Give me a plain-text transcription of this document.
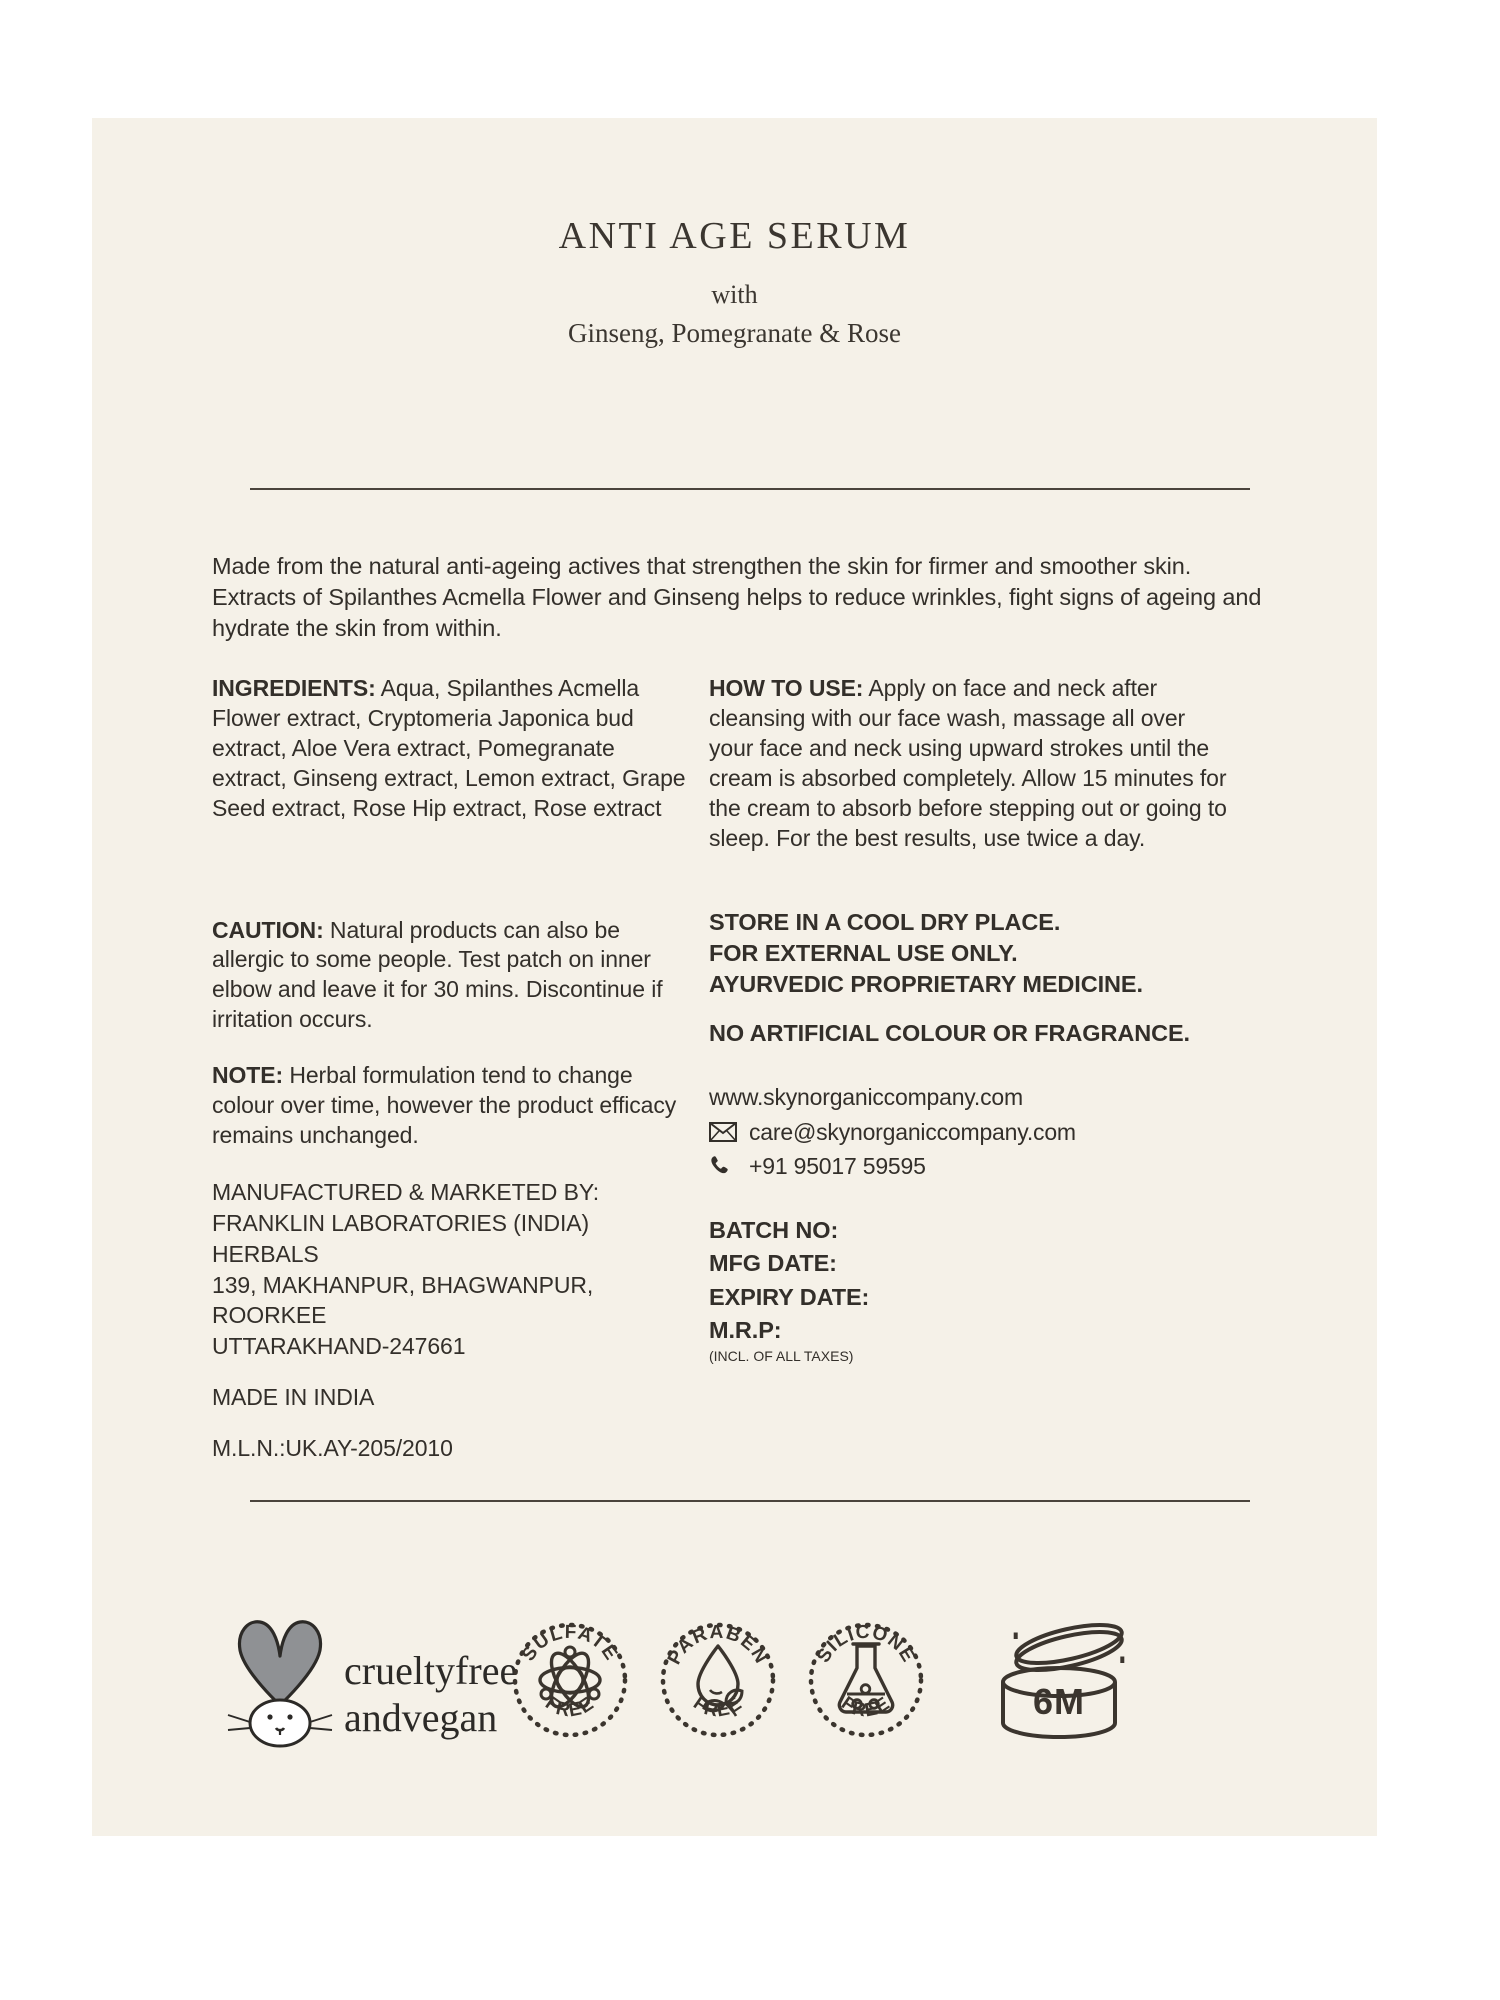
ANTI AGE SERUM

with

Ginseng, Pomegranate & Rose

Made from the natural anti-ageing actives that strengthen the skin for firmer and smoother skin. Extracts of Spilanthes Acmella Flower and Ginseng helps to reduce wrinkles, fight signs of ageing and hydrate the skin from within.

INGREDIENTS: Aqua, Spilanthes Acmella Flower extract, Cryptomeria Japonica bud extract, Aloe Vera extract, Pomegranate extract, Ginseng extract, Lemon extract, Grape Seed extract, Rose Hip extract, Rose extract

CAUTION: Natural products can also be allergic to some people. Test patch on inner elbow and leave it for 30 mins. Discontinue if irritation occurs.

NOTE: Herbal formulation tend to change colour over time, however the product efficacy remains unchanged.

MANUFACTURED & MARKETED BY:
FRANKLIN LABORATORIES (INDIA) HERBALS
139, MAKHANPUR, BHAGWANPUR, ROORKEE
UTTARAKHAND-247661
MADE IN INDIA
M.L.N.:UK.AY-205/2010

HOW TO USE: Apply on face and neck after cleansing with our face wash, massage all over your face and neck using upward strokes until the cream is absorbed completely. Allow 15 minutes for the cream to absorb before stepping out or going to sleep. For the best results, use twice a day.

STORE IN A COOL DRY PLACE.
FOR EXTERNAL USE ONLY.
AYURVEDIC PROPRIETARY MEDICINE.
NO ARTIFICIAL COLOUR OR FRAGRANCE.
www.skynorganiccompany.com
care@skynorganiccompany.com
+91 95017 59595
BATCH NO:
MFG DATE:
EXPIRY DATE:
M.R.P:
(INCL. OF ALL TAXES)
crueltyfree
andvegan
SULFATE
FREE
PARABEN
FREE
SILICONE
FREE	6M
